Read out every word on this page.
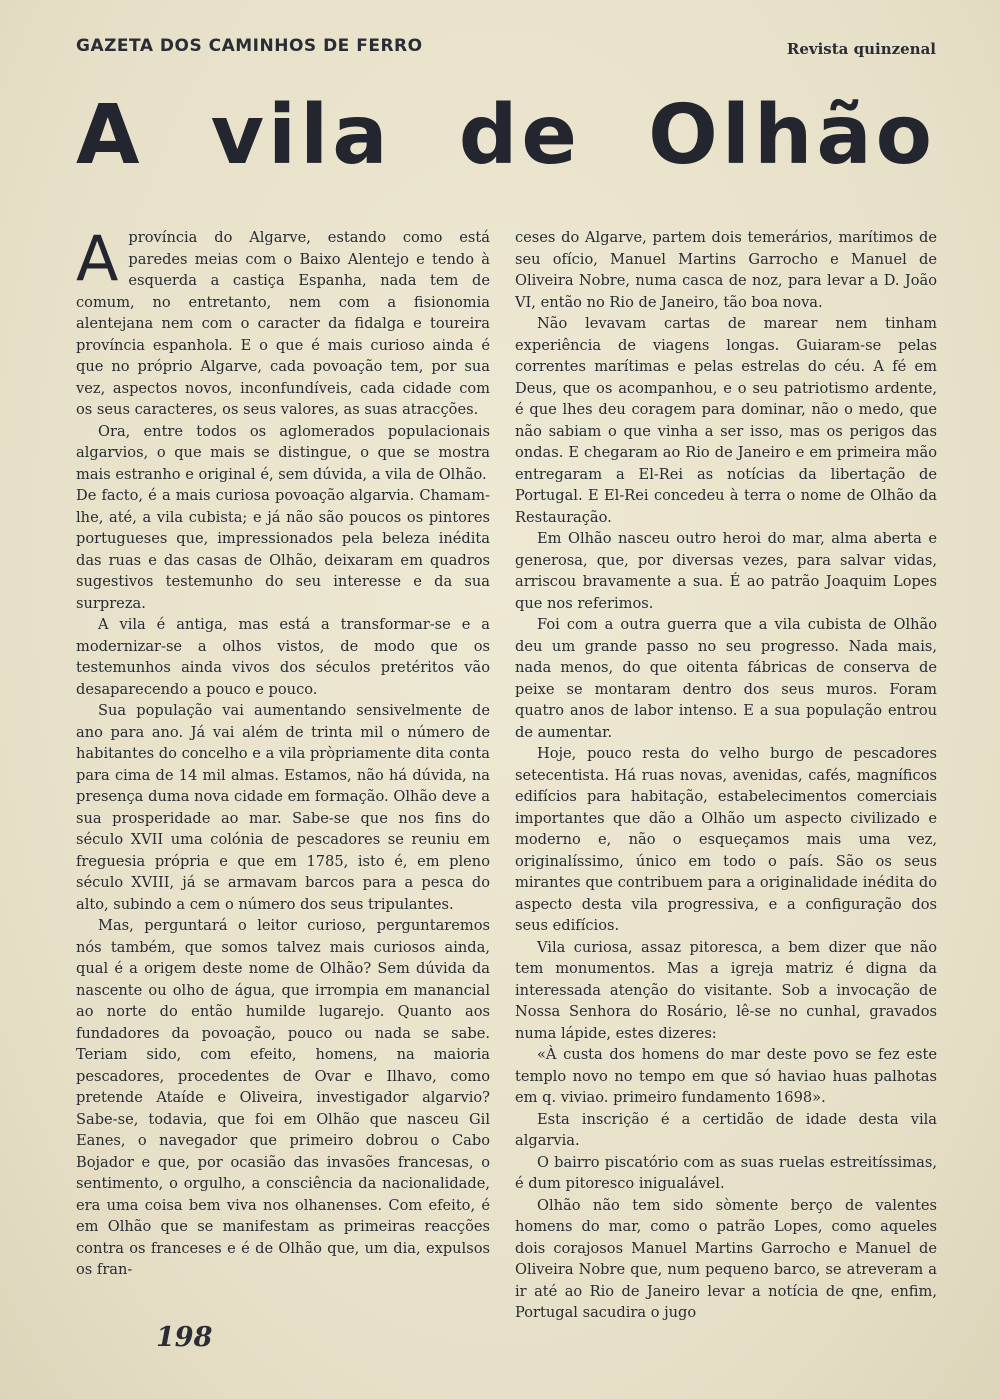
GAZETA DOS CAMINHOS DE FERRO	Revista quinzenal
A vila de Olhão

Aprovíncia do Algarve, estando como está paredes meias com o Baixo Alentejo e tendo à esquerda a castiça Espanha, nada tem de comum, no entretanto, nem com a fisionomia alentejana nem com o caracter da fidalga e toureira província espanhola. E o que é mais curioso ainda é que no próprio Algarve, cada povoação tem, por sua vez, aspectos novos, inconfundíveis, cada cidade com os seus caracteres, os seus valores, as suas atracções.

Ora, entre todos os aglomerados populacionais algarvios, o que mais se distingue, o que se mostra mais estranho e original é, sem dúvida, a vila de Olhão.

De facto, é a mais curiosa povoação algarvia. Chamam-lhe, até, a vila cubista; e já não são poucos os pintores portugueses que, impressionados pela beleza inédita das ruas e das casas de Olhão, deixaram em quadros sugestivos testemunho do seu interesse e da sua surpreza.

A vila é antiga, mas está a transformar-se e a modernizar-se a olhos vistos, de modo que os testemunhos ainda vivos dos séculos pretéritos vão desaparecendo a pouco e pouco.

Sua população vai aumentando sensivelmente de ano para ano. Já vai além de trinta mil o número de habitantes do concelho e a vila pròpriamente dita conta para cima de 14 mil almas. Estamos, não há dúvida, na presença duma nova cidade em formação. Olhão deve a sua prosperidade ao mar. Sabe-se que nos fins do século XVII uma colónia de pescadores se reuniu em freguesia própria e que em 1785, isto é, em pleno século XVIII, já se armavam barcos para a pesca do alto, subindo a cem o número dos seus tripulantes.

Mas, perguntará o leitor curioso, perguntaremos nós também, que somos talvez mais curiosos ainda, qual é a origem deste nome de Olhão? Sem dúvida da nascente ou olho de água, que irrompia em manancial ao norte do então humilde lugarejo. Quanto aos fundadores da povoação, pouco ou nada se sabe. Teriam sido, com efeito, homens, na maioria pescadores, procedentes de Ovar e Ilhavo, como pretende Ataíde e Oliveira, investigador algarvio? Sabe-se, todavia, que foi em Olhão que nasceu Gil Eanes, o navegador que primeiro dobrou o Cabo Bojador e que, por ocasião das invasões francesas, o sentimento, o orgulho, a consciência da nacionalidade, era uma coisa bem viva nos olhanenses. Com efeito, é em Olhão que se manifestam as primeiras reacções contra os franceses e é de Olhão que, um dia, expulsos os fran-

ceses do Algarve, partem dois temerários, marítimos de seu ofício, Manuel Martins Garrocho e Manuel de Oliveira Nobre, numa casca de noz, para levar a D. João VI, então no Rio de Janeiro, tão boa nova.

Não levavam cartas de marear nem tinham experiência de viagens longas. Guiaram-se pelas correntes marítimas e pelas estrelas do céu. A fé em Deus, que os acompanhou, e o seu patriotismo ardente, é que lhes deu coragem para dominar, não o medo, que não sabiam o que vinha a ser isso, mas os perigos das ondas. E chegaram ao Rio de Janeiro e em primeira mão entregaram a El-Rei as notícias da libertação de Portugal. E El-Rei concedeu à terra o nome de Olhão da Restauração.

Em Olhão nasceu outro heroi do mar, alma aberta e generosa, que, por diversas vezes, para salvar vidas, arriscou bravamente a sua. É ao patrão Joaquim Lopes que nos referimos.

Foi com a outra guerra que a vila cubista de Olhão deu um grande passo no seu progresso. Nada mais, nada menos, do que oitenta fábricas de conserva de peixe se montaram dentro dos seus muros. Foram quatro anos de labor intenso. E a sua população entrou de aumentar.

Hoje, pouco resta do velho burgo de pescadores setecentista. Há ruas novas, avenidas, cafés, magníficos edifícios para habitação, estabelecimentos comerciais importantes que dão a Olhão um aspecto civilizado e moderno e, não o esqueçamos mais uma vez, originalíssimo, único em todo o país. São os seus mirantes que contribuem para a originalidade inédita do aspecto desta vila progressiva, e a configuração dos seus edifícios.

Vila curiosa, assaz pitoresca, a bem dizer que não tem monumentos. Mas a igreja matriz é digna da interessada atenção do visitante. Sob a invocação de Nossa Senhora do Rosário, lê-se no cunhal, gravados numa lápide, estes dizeres:

«À custa dos homens do mar deste povo se fez este templo novo no tempo em que só haviao huas palhotas em q. viviao. primeiro fundamento 1698».

Esta inscrição é a certidão de idade desta vila algarvia.

O bairro piscatório com as suas ruelas estreitíssimas, é dum pitoresco inigualável.

Olhão não tem sido sòmente berço de valentes homens do mar, como o patrão Lopes, como aqueles dois corajosos Manuel Martins Garrocho e Manuel de Oliveira Nobre que, num pequeno barco, se atreveram a ir até ao Rio de Janeiro levar a notícia de qne, enfim, Portugal sacudira o jugo

198
